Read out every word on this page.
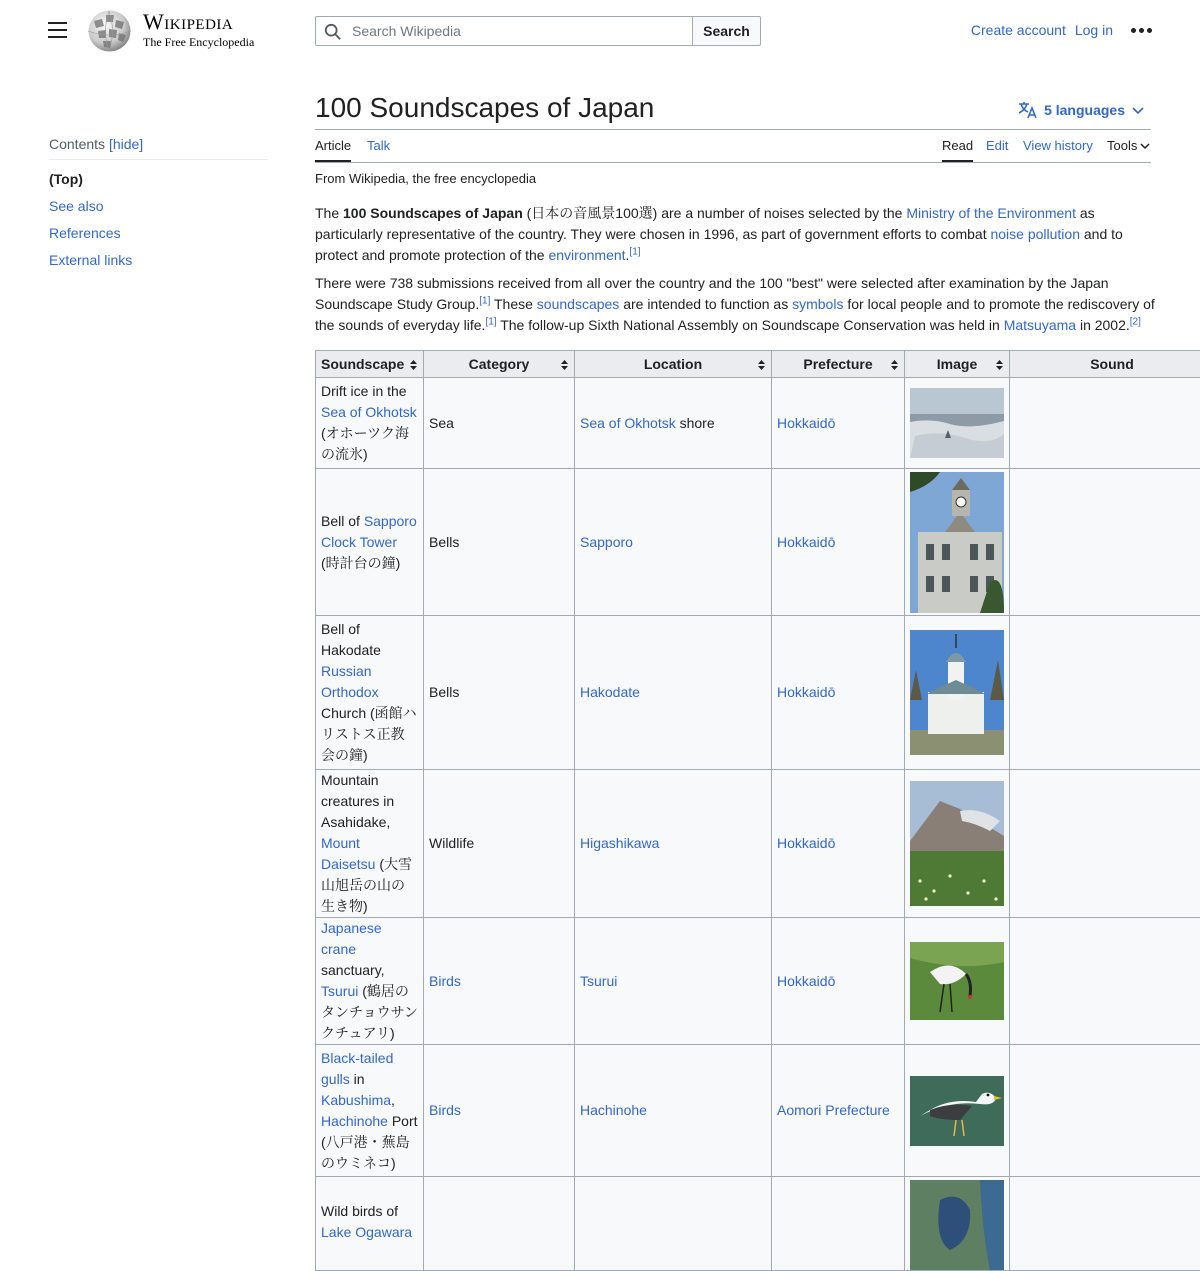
Wikipedia
The Free Encyclopedia
Search Wikipedia
Search	Create account Log in
Contents [hide]
(Top)
See also
References
External links
100 Soundscapes of Japan	5 languages
Article Talk	Read Edit View history Tools
From Wikipedia, the free encyclopedia

The 100 Soundscapes of Japan (日本の音風景100選) are a number of noises selected by the Ministry of the Environment as particularly representative of the country. They were chosen in 1996, as part of government efforts to combat noise pollution and to protect and promote protection of the environment.[1]

There were 738 submissions received from all over the country and the 100 "best" were selected after examination by the Japan Soundscape Study Group.[1] These soundscapes are intended to function as symbols for local people and to promote the rediscovery of the sounds of everyday life.[1] The follow-up Sixth National Assembly on Soundscape Conservation was held in Matsuyama in 2002.[2]

Soundscape	Category	Location	Prefecture	Image	Sound
Drift ice in the Sea of Okhotsk (オホーツク海の流氷)	Sea	Sea of Okhotsk shore	Hokkaidō	

Bell of Sapporo Clock Tower (時計台の鐘)	Bells	Sapporo	Hokkaidō	

Bell of Hakodate Russian Orthodox Church (函館ハリストス正教会の鐘)	Bells	Hakodate	Hokkaidō	

Mountain creatures in Asahidake, Mount Daisetsu (大雪山旭岳の山の生き物)	Wildlife	Higashikawa	Hokkaidō	

Japanese crane sanctuary, Tsurui (鶴居のタンチョウサンクチュアリ)	Birds	Tsurui	Hokkaidō	

Black-tailed gulls in Kabushima, Hachinohe Port (八戸港・蕪島のウミネコ)	Birds	Hachinohe	Aomori Prefecture	

Wild birds of Lake Ogawara				
